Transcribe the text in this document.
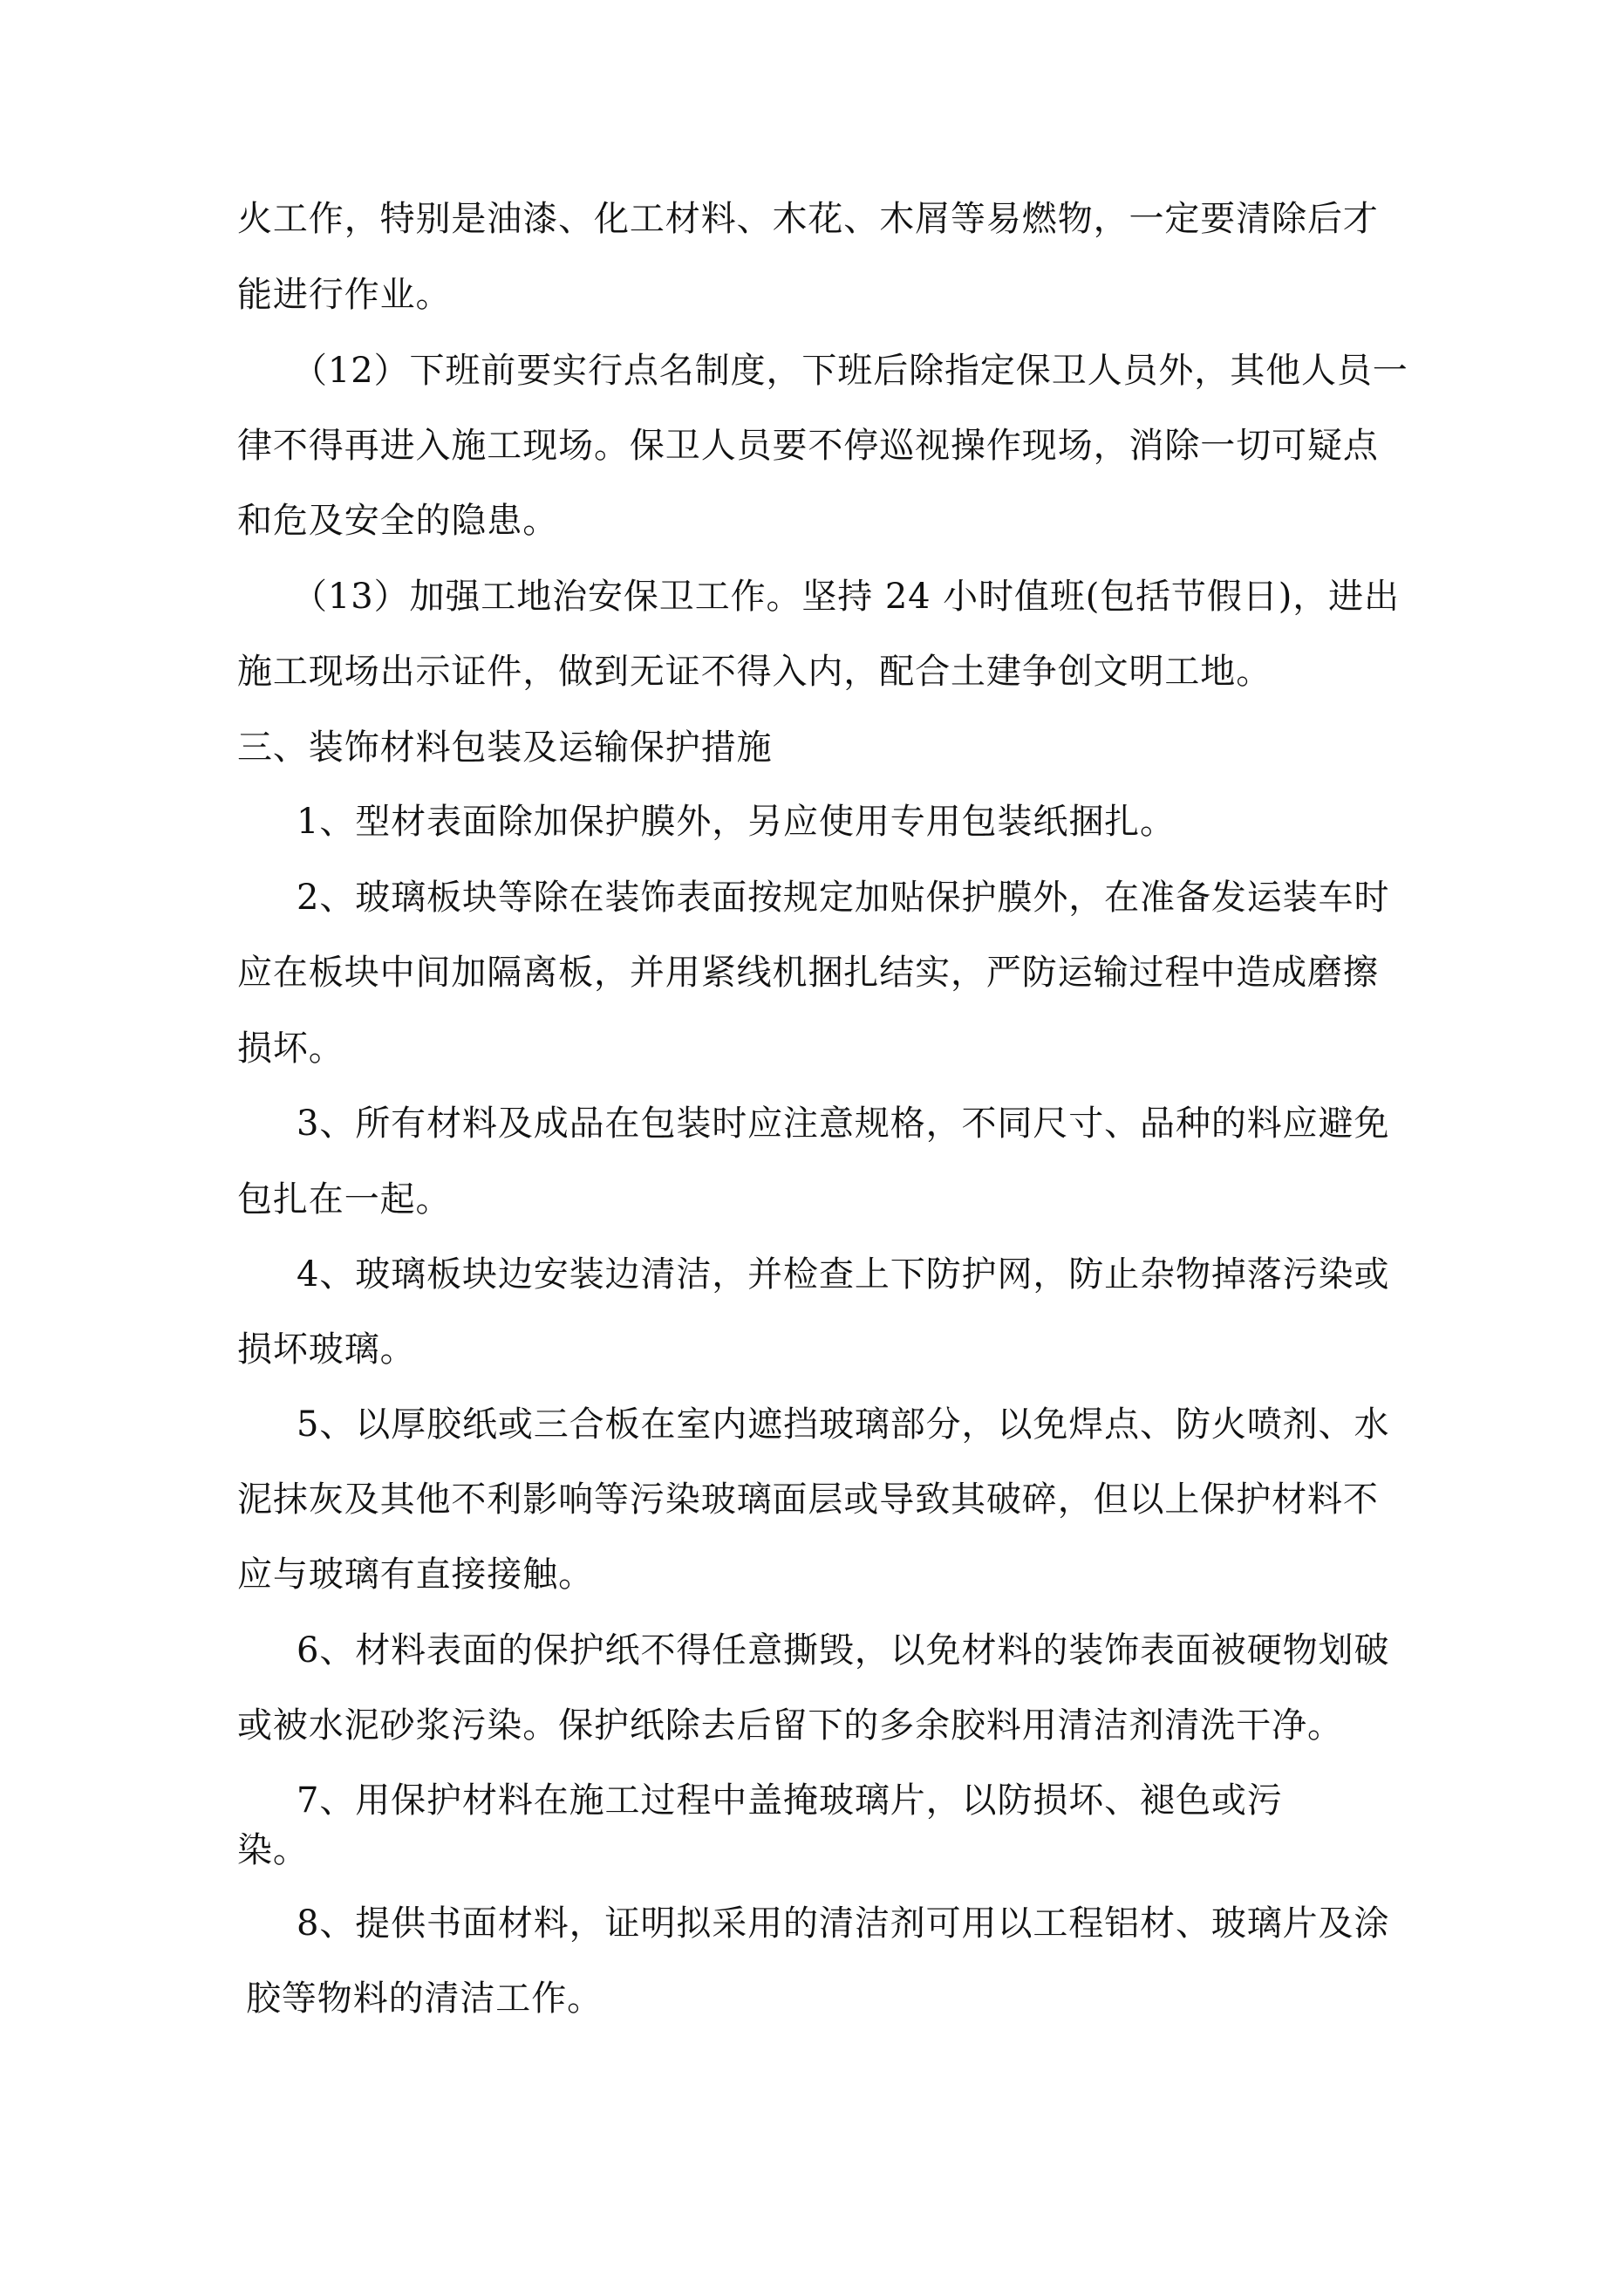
火工作，特别是油漆、化工材料、木花、木屑等易燃物，一定要清除后才

能进行作业。

（12）下班前要实行点名制度，下班后除指定保卫人员外，其他人员一

律不得再进入施工现场。保卫人员要不停巡视操作现场，消除一切可疑点

和危及安全的隐患。

（13）加强工地治安保卫工作。坚持 24 小时值班(包括节假日)，进出

施工现场出示证件，做到无证不得入内，配合土建争创文明工地。

三、装饰材料包装及运输保护措施

1、型材表面除加保护膜外，另应使用专用包装纸捆扎。

2、玻璃板块等除在装饰表面按规定加贴保护膜外，在准备发运装车时

应在板块中间加隔离板，并用紧线机捆扎结实，严防运输过程中造成磨擦

损坏。

3、所有材料及成品在包装时应注意规格，不同尺寸、品种的料应避免

包扎在一起。

4、玻璃板块边安装边清洁，并检查上下防护网，防止杂物掉落污染或

损坏玻璃。

5、以厚胶纸或三合板在室内遮挡玻璃部分，以免焊点、防火喷剂、水

泥抹灰及其他不利影响等污染玻璃面层或导致其破碎，但以上保护材料不

应与玻璃有直接接触。

6、材料表面的保护纸不得任意撕毁，以免材料的装饰表面被硬物划破

或被水泥砂浆污染。保护纸除去后留下的多余胶料用清洁剂清洗干净。

7、用保护材料在施工过程中盖掩玻璃片，以防损坏、褪色或污

染。

8、提供书面材料，证明拟采用的清洁剂可用以工程铝材、玻璃片及涂

胶等物料的清洁工作。
